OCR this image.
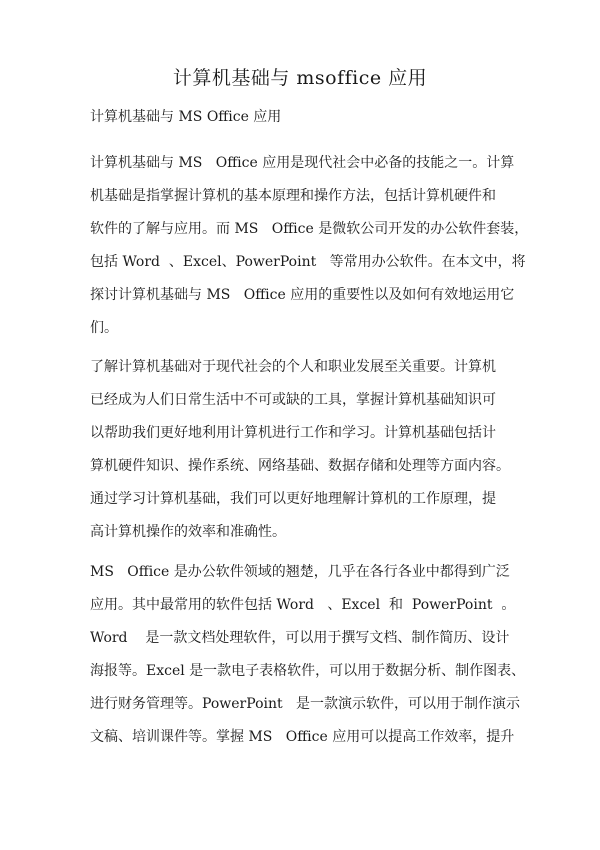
计算机基础与 msoffice 应用
计算机基础与 MS Office 应用
计算机基础与 MS   Office 应用是现代社会中必备的技能之一。计算
机基础是指掌握计算机的基本原理和操作方法，包括计算机硬件和
软件的了解与应用。而 MS   Office 是微软公司开发的办公软件套装，
包括 Word  、Excel、PowerPoint   等常用办公软件。在本文中，将
探讨计算机基础与 MS   Office 应用的重要性以及如何有效地运用它
们。
了解计算机基础对于现代社会的个人和职业发展至关重要。计算机
已经成为人们日常生活中不可或缺的工具，掌握计算机基础知识可
以帮助我们更好地利用计算机进行工作和学习。计算机基础包括计
算机硬件知识、操作系统、网络基础、数据存储和处理等方面内容。
通过学习计算机基础，我们可以更好地理解计算机的工作原理，提
高计算机操作的效率和准确性。
MS   Office 是办公软件领域的翘楚，几乎在各行各业中都得到广泛
应用。其中最常用的软件包括 Word   、Excel  和  PowerPoint  。
Word    是一款文档处理软件，可以用于撰写文档、制作简历、设计
海报等。Excel 是一款电子表格软件，可以用于数据分析、制作图表、
进行财务管理等。PowerPoint   是一款演示软件，可以用于制作演示
文稿、培训课件等。掌握 MS   Office 应用可以提高工作效率，提升
